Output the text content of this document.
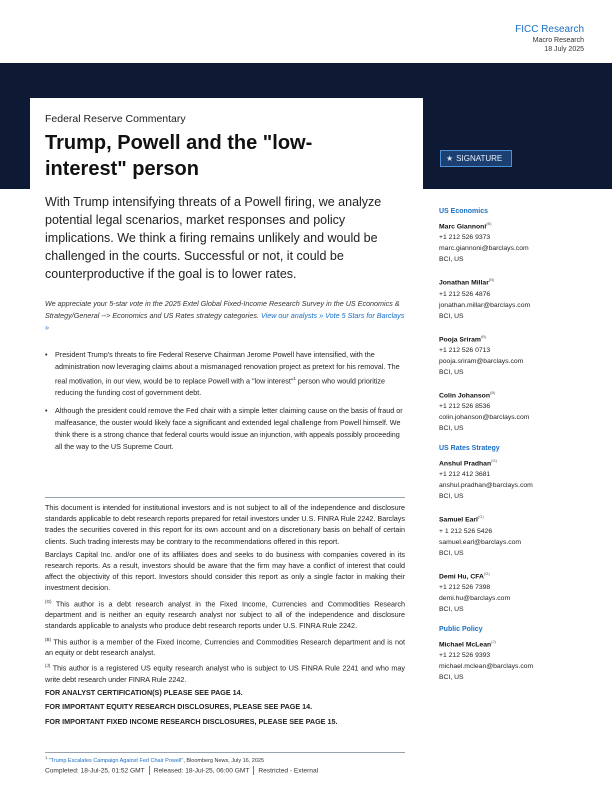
FICC Research
Macro Research
18 July 2025
Federal Reserve Commentary
Trump, Powell and the "low-interest" person	★ SIGNATURE

With Trump intensifying threats of a Powell firing, we analyze potential legal scenarios, market responses and policy implications. We think a firing remains unlikely and would be challenged in the courts. Successful or not, it could be counterproductive if the goal is to lower rates.

We appreciate your 5-star vote in the 2025 Extel Global Fixed-Income Research Survey in the US Economics & Strategy/General --> Economics and US Rates strategy categories. View our analysts » Vote 5 Stars for Barclays »

• President Trump's threats to fire Federal Reserve Chairman Jerome Powell have intensified, with the administration now leveraging claims about a mismanaged renovation project as pretext for his removal. The real motivation, in our view, would be to replace Powell with a "low interest"$^1$ person who would prioritize reducing the funding cost of government debt.
• Although the president could remove the Fed chair with a simple letter claiming cause on the basis of fraud or malfeasance, the ouster would likely face a significant and extended legal challenge from Powell himself. We think there is a strong chance that federal courts would issue an injunction, with appeals possibly proceeding all the way to the US Supreme Court.

This document is intended for institutional investors and is not subject to all of the independence and disclosure standards applicable to debt research reports prepared for retail investors under U.S. FINRA Rule 2242. Barclays trades the securities covered in this report for its own account and on a discretionary basis on behalf of certain clients. Such trading interests may be contrary to the recommendations offered in this report.

Barclays Capital Inc. and/or one of its affiliates does and seeks to do business with companies covered in its research reports. As a result, investors should be aware that the firm may have a conflict of interest that could affect the objectivity of this report. Investors should consider this report as only a single factor in making their investment decision.

$^{(G)}$ This author is a debt research analyst in the Fixed Income, Currencies and Commodities Research department and is neither an equity research analyst nor subject to all of the independence and disclosure standards applicable to analysts who produce debt research reports under U.S. FINRA Rule 2242.

$^{(B)}$ This author is a member of the Fixed Income, Currencies and Commodities Research department and is not an equity or debt research analyst.

$^{(J)}$ This author is a registered US equity research analyst who is subject to US FINRA Rule 2241 and who may write debt research under FINRA Rule 2242.

FOR ANALYST CERTIFICATION(S) PLEASE SEE PAGE 14.

FOR IMPORTANT EQUITY RESEARCH DISCLOSURES, PLEASE SEE PAGE 14.

FOR IMPORTANT FIXED INCOME RESEARCH DISCLOSURES, PLEASE SEE PAGE 15.

$^1$ "Trump Escalates Campaign Against Fed Chair Powell", Bloomberg News, July 16, 2025
Completed: 18-Jul-25, 01:52 GMT Released: 18-Jul-25, 06:00 GMT Restricted - External
US Economics
Marc Giannoni$^{(B)}$
+1 212 526 9373
marc.giannoni@barclays.com
BCI, US
Jonathan Millar$^{(B)}$
+1 212 526 4876
jonathan.millar@barclays.com
BCI, US
Pooja Sriram$^{(B)}$
+1 212 526 0713
pooja.sriram@barclays.com
BCI, US
Colin Johanson$^{(B)}$
+1 212 526 8536
colin.johanson@barclays.com
BCI, US
US Rates Strategy
Anshul Pradhan$^{(G)}$
+1 212 412 3681
anshul.pradhan@barclays.com
BCI, US
Samuel Earl$^{(G)}$
+ 1 212 526 5426
samuel.earl@barclays.com
BCI, US
Demi Hu, $CFA^{(G)}$
+1 212 526 7398
demi.hu@barclays.com
BCI, US
Public Policy
Michael McLean$^{(J)}$
+1 212 526 9393
michael.mclean@barclays.com
BCI, US
